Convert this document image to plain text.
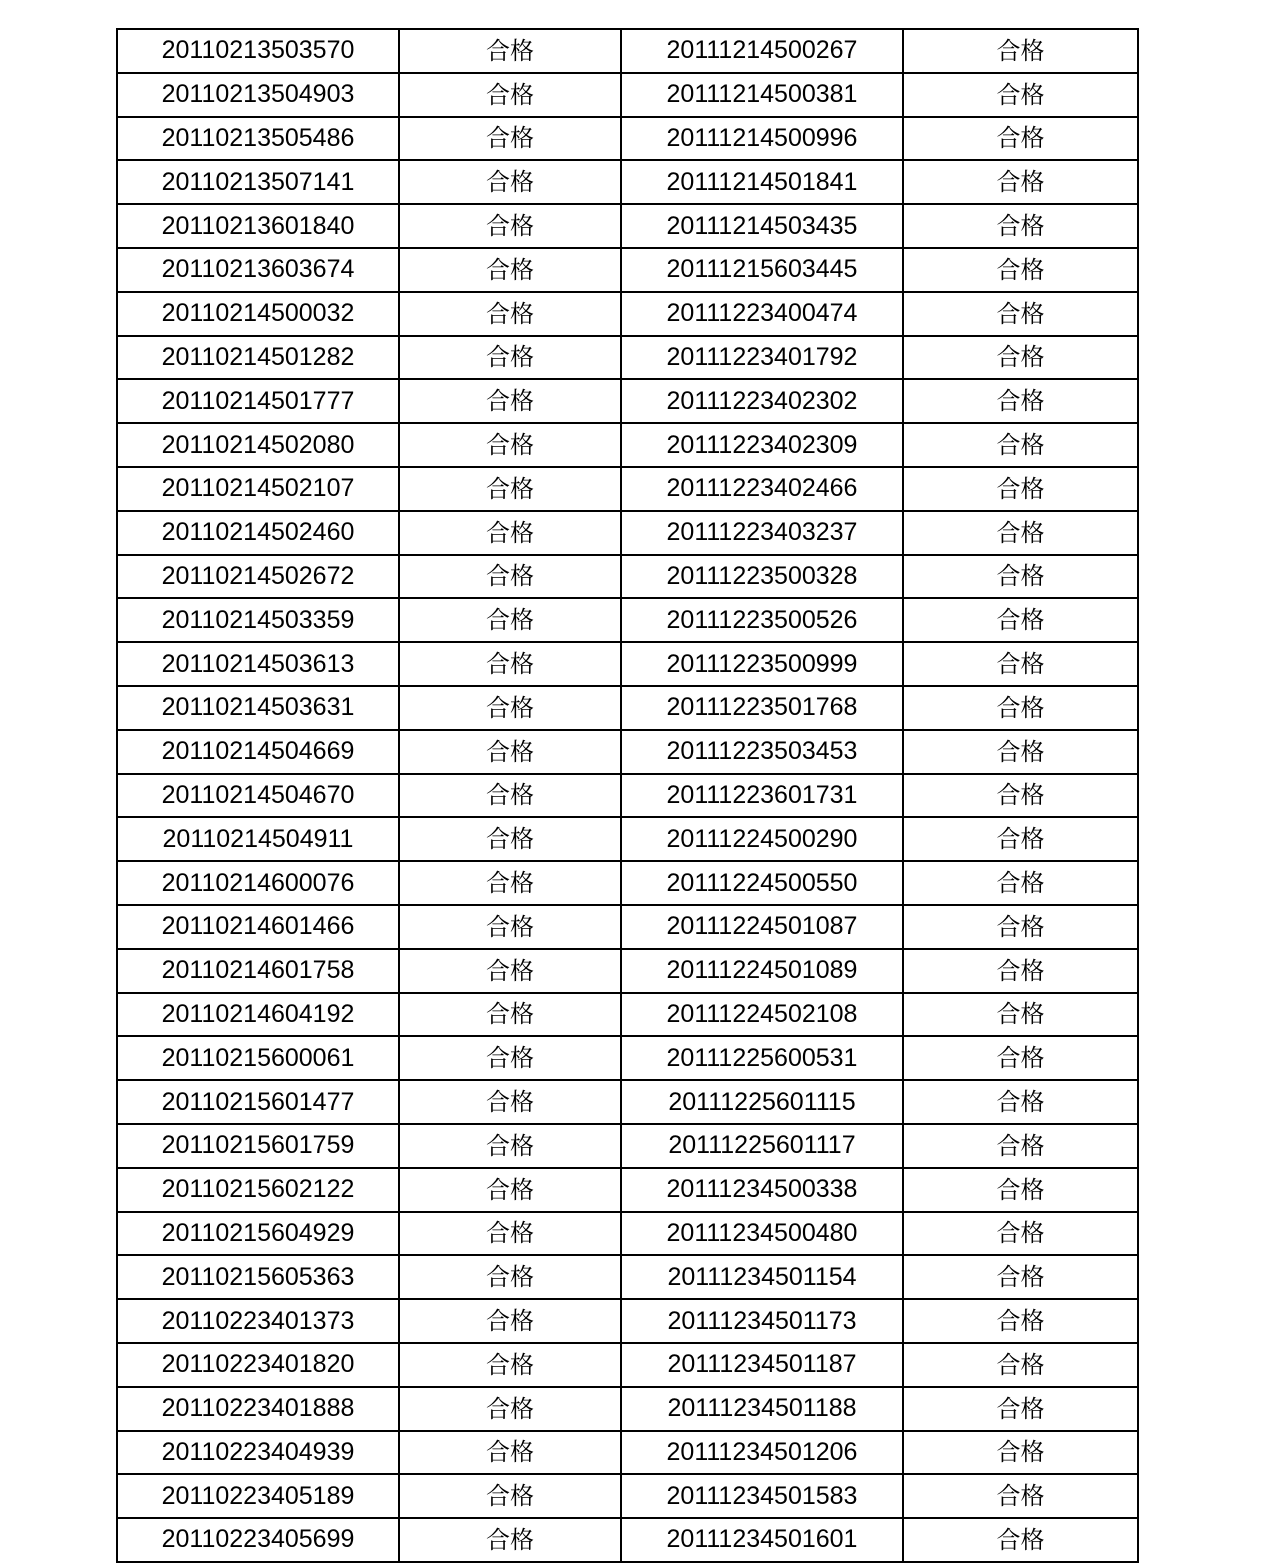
20110213503570	合格	20111214500267	合格
20110213504903	合格	20111214500381	合格
20110213505486	合格	20111214500996	合格
20110213507141	合格	20111214501841	合格
20110213601840	合格	20111214503435	合格
20110213603674	合格	20111215603445	合格
20110214500032	合格	20111223400474	合格
20110214501282	合格	20111223401792	合格
20110214501777	合格	20111223402302	合格
20110214502080	合格	20111223402309	合格
20110214502107	合格	20111223402466	合格
20110214502460	合格	20111223403237	合格
20110214502672	合格	20111223500328	合格
20110214503359	合格	20111223500526	合格
20110214503613	合格	20111223500999	合格
20110214503631	合格	20111223501768	合格
20110214504669	合格	20111223503453	合格
20110214504670	合格	20111223601731	合格
20110214504911	合格	20111224500290	合格
20110214600076	合格	20111224500550	合格
20110214601466	合格	20111224501087	合格
20110214601758	合格	20111224501089	合格
20110214604192	合格	20111224502108	合格
20110215600061	合格	20111225600531	合格
20110215601477	合格	20111225601115	合格
20110215601759	合格	20111225601117	合格
20110215602122	合格	20111234500338	合格
20110215604929	合格	20111234500480	合格
20110215605363	合格	20111234501154	合格
20110223401373	合格	20111234501173	合格
20110223401820	合格	20111234501187	合格
20110223401888	合格	20111234501188	合格
20110223404939	合格	20111234501206	合格
20110223405189	合格	20111234501583	合格
20110223405699	合格	20111234501601	合格
